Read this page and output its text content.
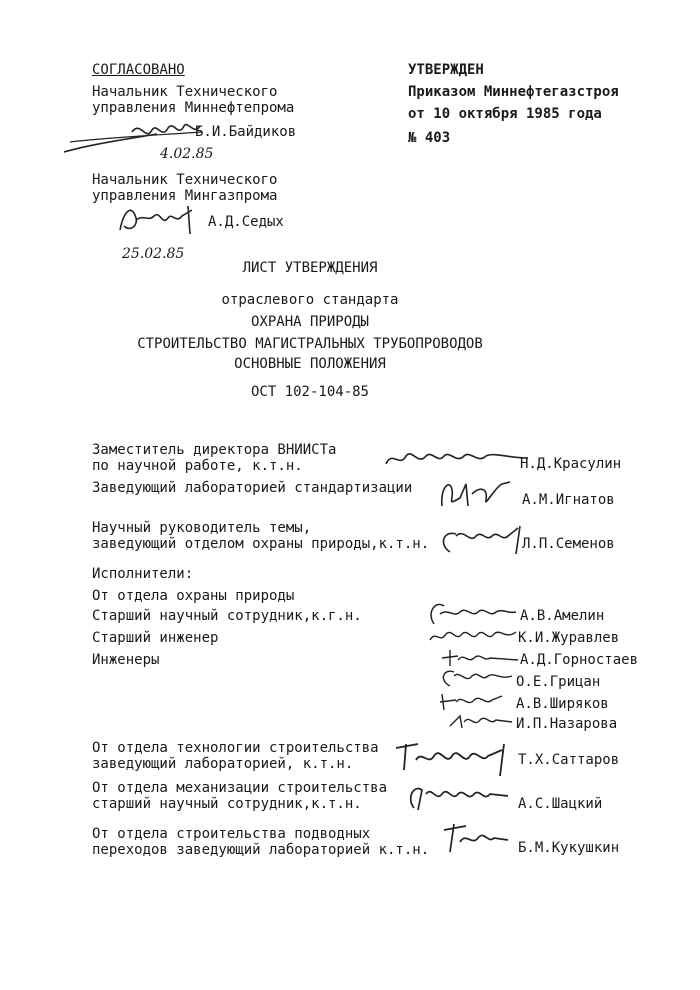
СОГЛАСОВАНО
Начальник Технического
управления Миннефтепрома
Б.И.Байдиков
4.02.85
Начальник Технического
управления Мингазпрома
А.Д.Седых
25.02.85
УТВЕРЖДЕН
Приказом Миннефтегазстроя
от 10 октября 1985 года
№ 403
ЛИСТ УТВЕРЖДЕНИЯ
отраслевого стандарта
ОХРАНА ПРИРОДЫ
СТРОИТЕЛЬСТВО МАГИСТРАЛЬНЫХ ТРУБОПРОВОДОВ
ОСНОВНЫЕ ПОЛОЖЕНИЯ
ОСТ 102-104-85
Заместитель директора ВНИИСТа
по научной работе, к.т.н.	Н.Д.Красулин
Заведующий лабораторией стандартизации
А.М.Игнатов
Научный руководитель темы,
заведующий отделом охраны природы,к.т.н.	Л.П.Семенов
Исполнители:
От отдела охраны природы
Старший научный сотрудник,к.г.н.	А.В.Амелин
Старший инженер	К.И.Журавлев
Инженеры	А.Д.Горностаев
О.Е.Грицан
А.В.Ширяков
И.П.Назарова
От отдела технологии строительства
заведующий лабораторией, к.т.н.	Т.Х.Саттаров
От отдела механизации строительства
старший научный сотрудник,к.т.н.	А.С.Шацкий
От отдела строительства подводных
переходов заведующий лабораторией к.т.н.	Б.М.Кукушкин
